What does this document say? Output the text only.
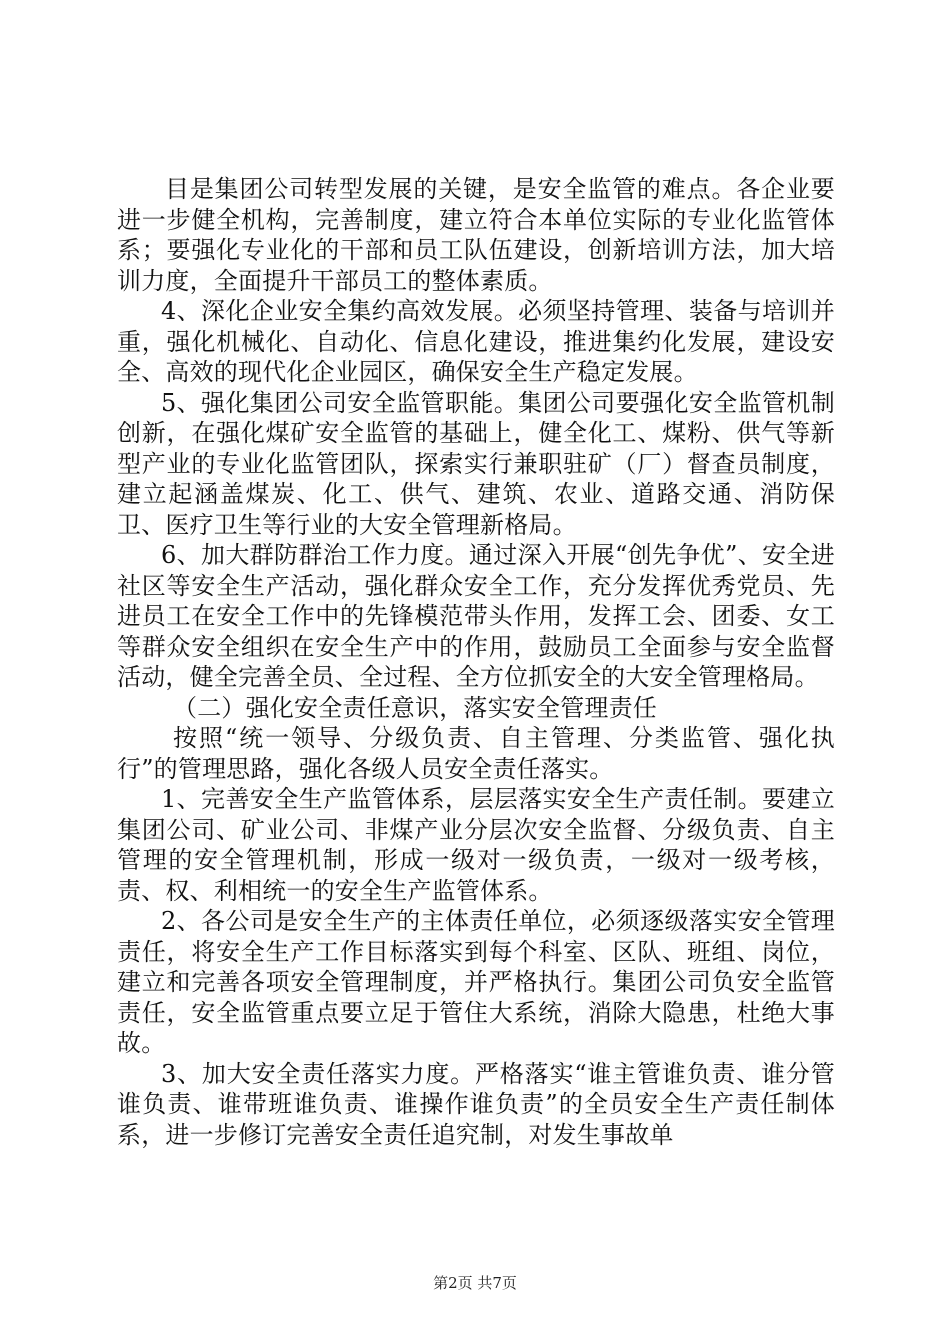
目是集团公司转型发展的关键，是安全监管的难点。各企业要进一步健全机构，完善制度，建立符合本单位实际的专业化监管体系；要强化专业化的干部和员工队伍建设，创新培训方法，加大培训力度，全面提升干部员工的整体素质。

4、深化企业安全集约高效发展。必须坚持管理、装备与培训并重，强化机械化、自动化、信息化建设，推进集约化发展，建设安全、高效的现代化企业园区，确保安全生产稳定发展。

5、强化集团公司安全监管职能。集团公司要强化安全监管机制创新，在强化煤矿安全监管的基础上，健全化工、煤粉、供气等新型产业的专业化监管团队，探索实行兼职驻矿（厂）督查员制度，建立起涵盖煤炭、化工、供气、建筑、农业、道路交通、消防保卫、医疗卫生等行业的大安全管理新格局。

6、加大群防群治工作力度。通过深入开展“创先争优”、安全进社区等安全生产活动，强化群众安全工作，充分发挥优秀党员、先进员工在安全工作中的先锋模范带头作用，发挥工会、团委、女工等群众安全组织在安全生产中的作用，鼓励员工全面参与安全监督活动，健全完善全员、全过程、全方位抓安全的大安全管理格局。

（二）强化安全责任意识，落实安全管理责任

按照“统一领导、分级负责、自主管理、分类监管、强化执行”的管理思路，强化各级人员安全责任落实。

1、完善安全生产监管体系，层层落实安全生产责任制。要建立集团公司、矿业公司、非煤产业分层次安全监督、分级负责、自主管理的安全管理机制，形成一级对一级负责，一级对一级考核，责、权、利相统一的安全生产监管体系。

2、各公司是安全生产的主体责任单位，必须逐级落实安全管理责任，将安全生产工作目标落实到每个科室、区队、班组、岗位，建立和完善各项安全管理制度，并严格执行。集团公司负安全监管责任，安全监管重点要立足于管住大系统，消除大隐患，杜绝大事故。

3、加大安全责任落实力度。严格落实“谁主管谁负责、谁分管谁负责、谁带班谁负责、谁操作谁负责”的全员安全生产责任制体系，进一步修订完善安全责任追究制，对发生事故单

第2页 共7页
